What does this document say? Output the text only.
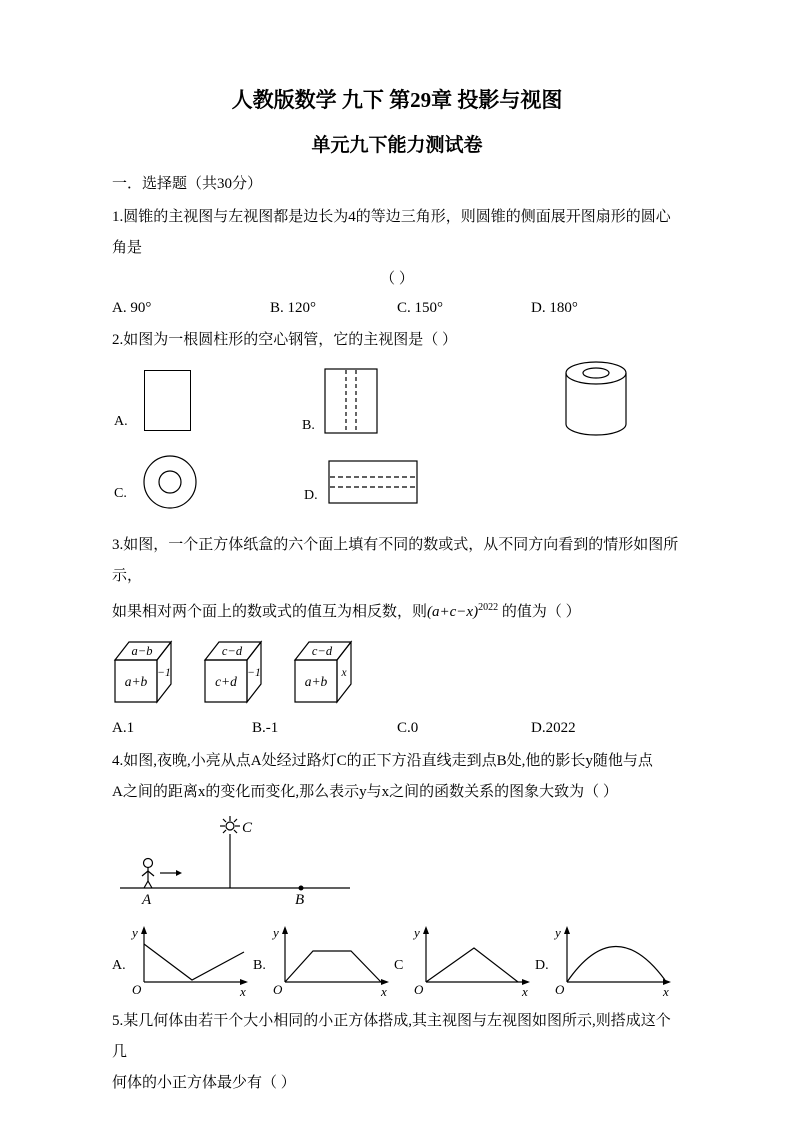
人教版数学 九下 第29章 投影与视图
单元九下能力测试卷
一．选择题（共30分）
1.圆锥的主视图与左视图都是边长为4的等边三角形，则圆锥的侧面展开图扇形的圆心角是
（ ）
A. 90°	B. 120°	C. 150°	D. 180°
2.如图为一根圆柱形的空心钢管，它的主视图是（ ）
A.	B.
C.	D.
3.如图，一个正方体纸盒的六个面上填有不同的数或式，从不同方向看到的情形如图所示，
如果相对两个面上的数或式的值互为相反数，则$(a+c-x)^{2022}$ 的值为（ ）
a−b
a+b
−1
c−d
c+d
−1
c−d
a+b
x
A.1	B.-1	C.0	D.2022
4.如图,夜晚,小亮从点A处经过路灯C的正下方沿直线走到点B处,他的影长y随他与点
A之间的距离x的变化而变化,那么表示y与x之间的函数关系的图象大致为（ ）
C
A	B
A.
y
x
O
B.
y
x
O
C
y
x
O
D.
y
x
O
5.某几何体由若干个大小相同的小正方体搭成,其主视图与左视图如图所示,则搭成这个几
何体的小正方体最少有（ ）
